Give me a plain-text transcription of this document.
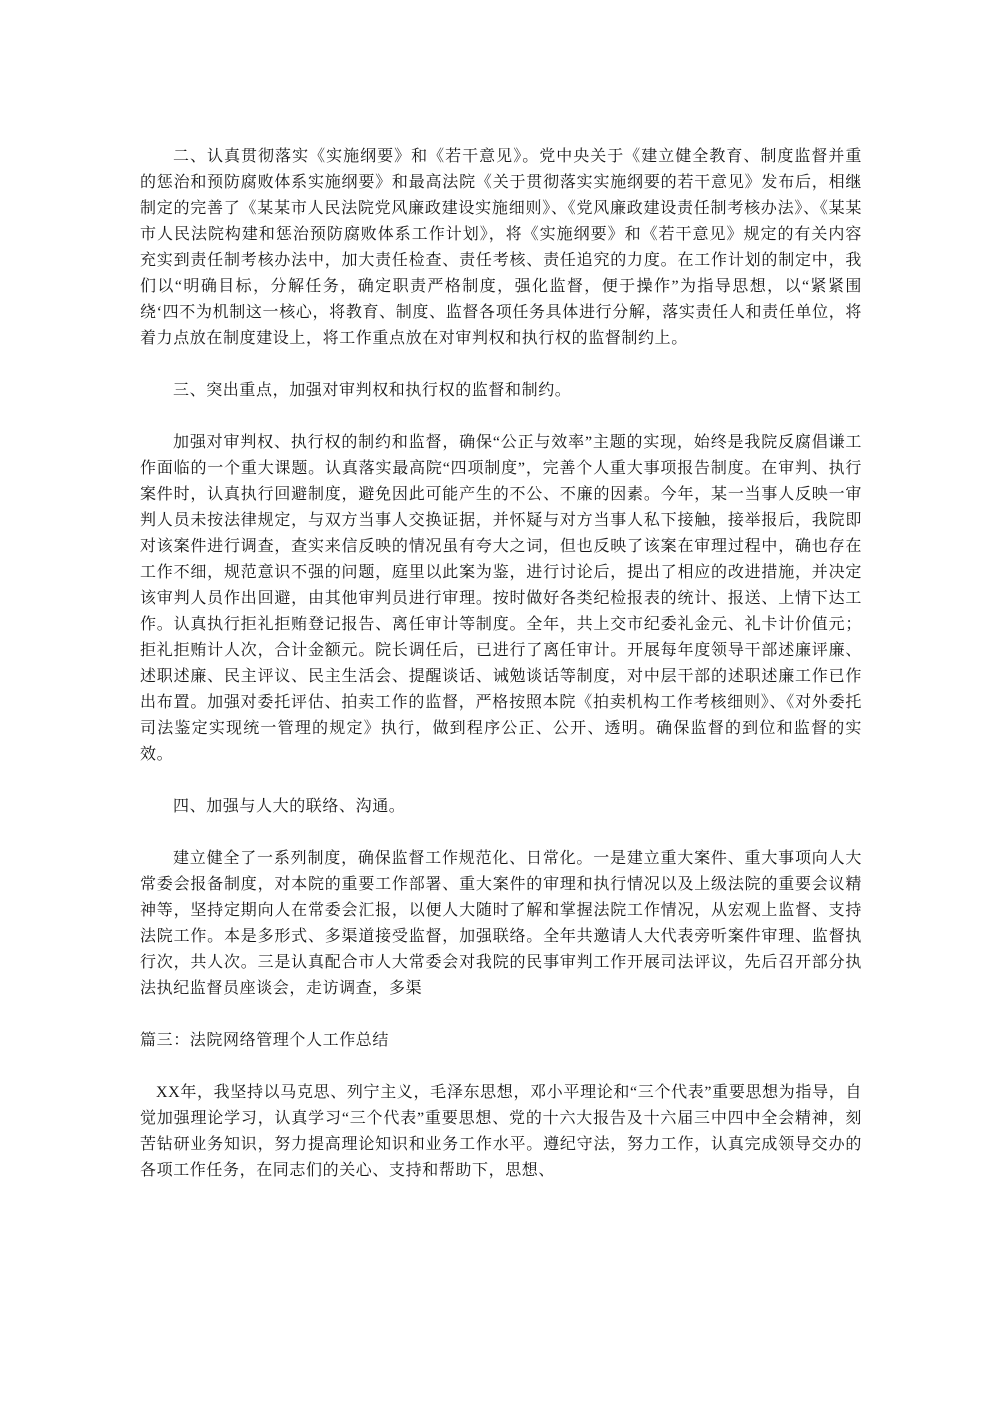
二、认真贯彻落实《实施纲要》和《若干意见》。党中央关于《建立健全教育、制度监督并重的惩治和预防腐败体系实施纲要》和最高法院《关于贯彻落实实施纲要的若干意见》发布后，相继制定的完善了《某某市人民法院党风廉政建设实施细则》、《党风廉政建设责任制考核办法》、《某某市人民法院构建和惩治预防腐败体系工作计划》，将《实施纲要》和《若干意见》规定的有关内容充实到责任制考核办法中，加大责任检查、责任考核、责任追究的力度。在工作计划的制定中，我们以“明确目标，分解任务，确定职责严格制度，强化监督，便于操作”为指导思想，以“紧紧围绕‘四不为机制这一核心，将教育、制度、监督各项任务具体进行分解，落实责任人和责任单位，将着力点放在制度建设上，将工作重点放在对审判权和执行权的监督制约上。

三、突出重点，加强对审判权和执行权的监督和制约。

加强对审判权、执行权的制约和监督，确保“公正与效率”主题的实现，始终是我院反腐倡谦工作面临的一个重大课题。认真落实最高院“四项制度”，完善个人重大事项报告制度。在审判、执行案件时，认真执行回避制度，避免因此可能产生的不公、不廉的因素。今年，某一当事人反映一审判人员未按法律规定，与双方当事人交换证据，并怀疑与对方当事人私下接触，接举报后，我院即对该案件进行调查，查实来信反映的情况虽有夸大之词，但也反映了该案在审理过程中，确也存在工作不细，规范意识不强的问题，庭里以此案为鉴，进行讨论后，提出了相应的改进措施，并决定该审判人员作出回避，由其他审判员进行审理。按时做好各类纪检报表的统计、报送、上情下达工作。认真执行拒礼拒贿登记报告、离任审计等制度。全年，共上交市纪委礼金元、礼卡计价值元；拒礼拒贿计人次，合计金额元。院长调任后，已进行了离任审计。开展每年度领导干部述廉评廉、述职述廉、民主评议、民主生活会、提醒谈话、诫勉谈话等制度，对中层干部的述职述廉工作已作出布置。加强对委托评估、拍卖工作的监督，严格按照本院《拍卖机构工作考核细则》、《对外委托司法鉴定实现统一管理的规定》执行，做到程序公正、公开、透明。确保监督的到位和监督的实效。

四、加强与人大的联络、沟通。

建立健全了一系列制度，确保监督工作规范化、日常化。一是建立重大案件、重大事项向人大常委会报备制度，对本院的重要工作部署、重大案件的审理和执行情况以及上级法院的重要会议精神等，坚持定期向人在常委会汇报，以便人大随时了解和掌握法院工作情况，从宏观上监督、支持法院工作。本是多形式、多渠道接受监督，加强联络。全年共邀请人大代表旁听案件审理、监督执行次，共人次。三是认真配合市人大常委会对我院的民事审判工作开展司法评议，先后召开部分执法执纪监督员座谈会，走访调查，多渠

篇三：法院网络管理个人工作总结

XX年，我坚持以马克思、列宁主义，毛泽东思想，邓小平理论和“三个代表”重要思想为指导，自觉加强理论学习，认真学习“三个代表”重要思想、党的十六大报告及十六届三中四中全会精神，刻苦钻研业务知识，努力提高理论知识和业务工作水平。遵纪守法，努力工作，认真完成领导交办的各项工作任务，在同志们的关心、支持和帮助下，思想、
